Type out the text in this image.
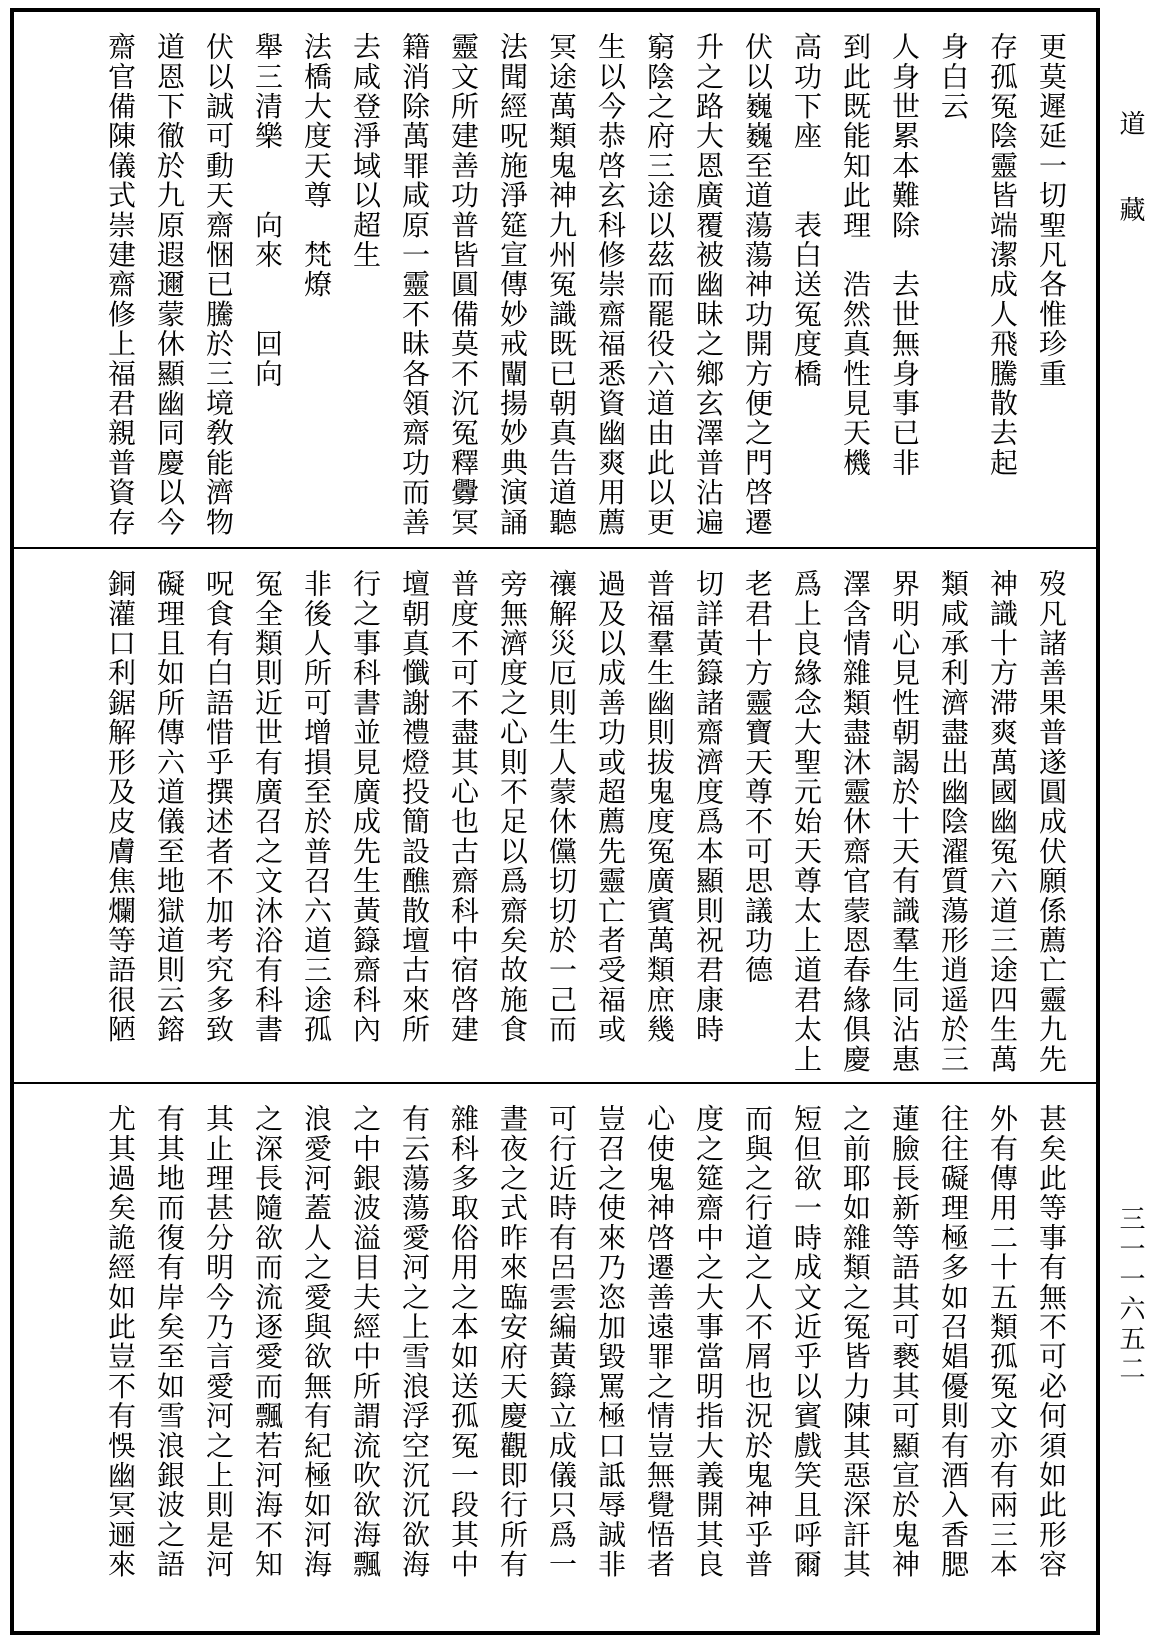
更莫遲延一切聖凡各惟珍重
存孤冤陰靈皆端潔成人飛騰散去起
身白云
人身世累本難除　去世無身事已非
到此既能知此理　浩然真性見天機
高功下座　　表白送冤度橋
伏以巍巍至道蕩蕩神功開方便之門啓遷
升之路大恩廣覆被幽昧之鄉玄澤普沾遍
窮陰之府三途以茲而罷役六道由此以更
生以今恭啓玄科修崇齋福悉資幽爽用薦
冥途萬類鬼神九州冤識既已朝真告道聽
法聞經呪施淨筵宣傳妙戒闡揚妙典演誦
靈文所建善功普皆圓備莫不沉冤釋釁冥
籍消除萬罪咸原一靈不昧各領齋功而善
去咸登淨域以超生
法橋大度天尊　梵燎
舉三清樂　　向來　　回向
伏以誠可動天齋悃已騰於三境敎能濟物
道恩下徹於九原遐邇蒙休顯幽同慶以今
齋官備陳儀式崇建齋修上福君親普資存
歿凡諸善果普遂圓成伏願係薦亡靈九先
神識十方滞爽萬國幽冤六道三途四生萬
類咸承利濟盡出幽陰濯質蕩形逍遥於三
界明心見性朝謁於十天有識羣生同沾惠
澤含情雜類盡沐靈休齋官蒙恩春緣俱慶
爲上良緣念大聖元始天尊太上道君太上
老君十方靈寶天尊不可思議功德
切詳黃籙諸齋濟度爲本顯則祝君康時
普福羣生幽則拔鬼度冤廣賓萬類庶幾
過及以成善功或超薦先靈亡者受福或
禳解災厄則生人蒙休儻切切於一己而
旁無濟度之心則不足以爲齋矣故施食
普度不可不盡其心也古齋科中宿啓建
壇朝真懺謝禮燈投簡設醮散壇古來所
行之事科書並見廣成先生黃籙齋科內
非後人所可增損至於普召六道三途孤
冤全類則近世有廣召之文沐浴有科書
呪食有白語惜乎撰述者不加考究多致
礙理且如所傳六道儀至地獄道則云鎔
銅灌口利鋸解形及皮膚焦爛等語很陋
甚矣此等事有無不可必何須如此形容
外有傳用二十五類孤冤文亦有兩三本
往往礙理極多如召娼優則有酒入香腮
蓮臉長新等語其可褻其可顯宣於鬼神
之前耶如雜類之冤皆力陳其惡深訐其
短但欲一時成文近乎以賓戲笑且呼爾
而與之行道之人不屑也況於鬼神乎普
度之筵齋中之大事當明指大義開其良
心使鬼神啓遷善遠罪之情豈無覺悟者
豈召之使來乃恣加毀罵極口詆辱誠非
可行近時有呂雲編黃籙立成儀只爲一
晝夜之式昨來臨安府天慶觀即行所有
雜科多取俗用之本如送孤冤一段其中
有云蕩蕩愛河之上雪浪浮空沉沉欲海
之中銀波溢目夫經中所謂流吹欲海飄
浪愛河蓋人之愛與欲無有紀極如河海
之深長隨欲而流逐愛而飄若河海不知
其止理甚分明今乃言愛河之上則是河
有其地而復有岸矣至如雪浪銀波之語
尤其過矣詭經如此豈不有悞幽冥逦來
道藏
三一一六五二
